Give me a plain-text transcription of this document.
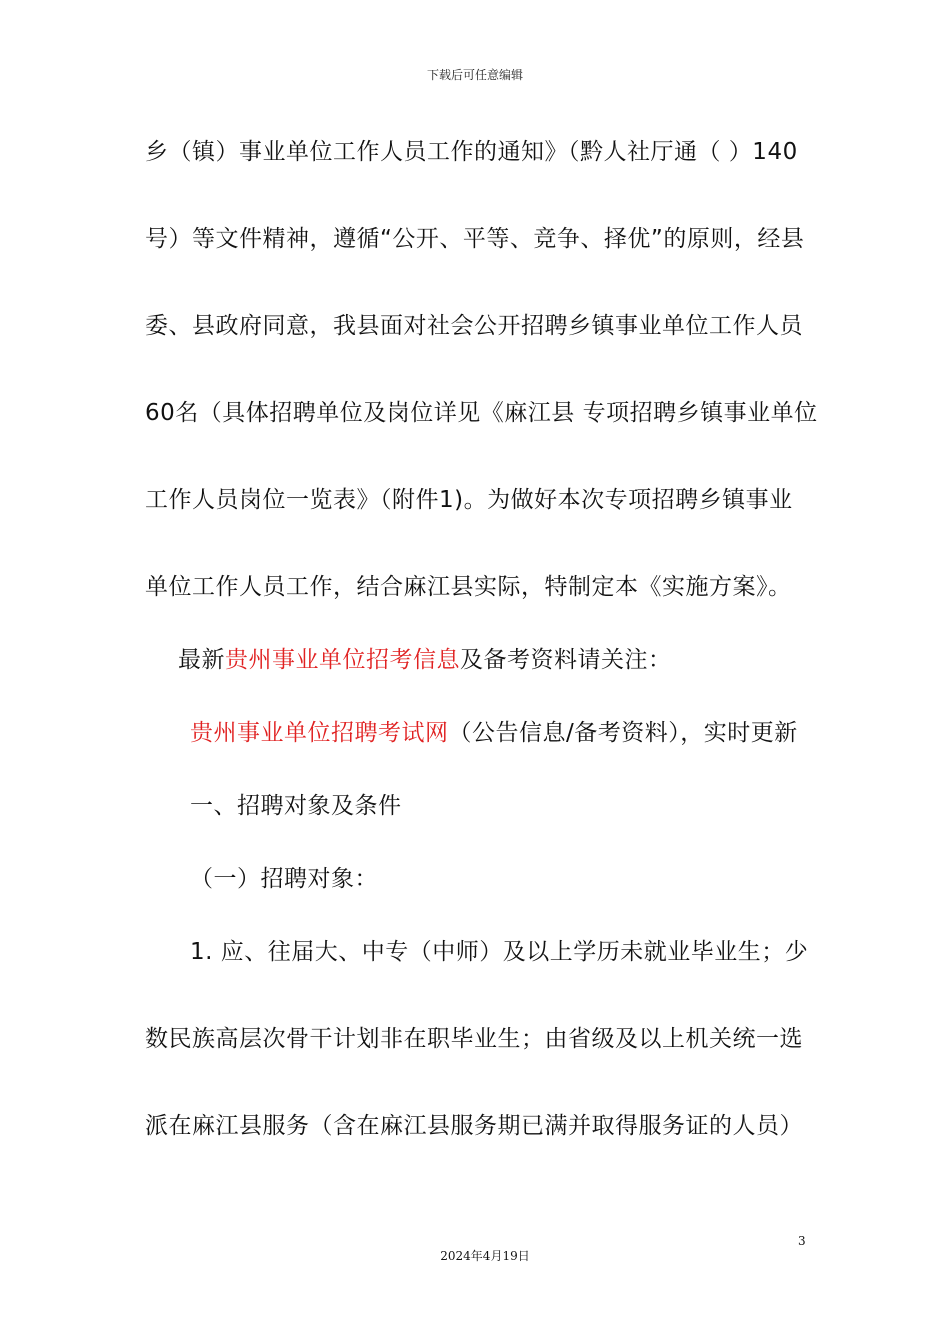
下载后可任意编辑
乡（镇）事业单位工作人员工作的通知》（黔人社厅通（ ）140
号）等文件精神，遵循“公开、平等、竞争、择优”的原则，经县
委、县政府同意，我县面对社会公开招聘乡镇事业单位工作人员
60名（具体招聘单位及岗位详见《麻江县 专项招聘乡镇事业单位
工作人员岗位一览表》（附件1)。为做好本次专项招聘乡镇事业
单位工作人员工作，结合麻江县实际，特制定本《实施方案》。
最新贵州事业单位招考信息及备考资料请关注：
贵州事业单位招聘考试网（公告信息/备考资料），实时更新
一、招聘对象及条件
（一）招聘对象：
1. 应、往届大、中专（中师）及以上学历未就业毕业生；少
数民族高层次骨干计划非在职毕业生；由省级及以上机关统一选
派在麻江县服务（含在麻江县服务期已满并取得服务证的人员）
3
2024年4月19日
